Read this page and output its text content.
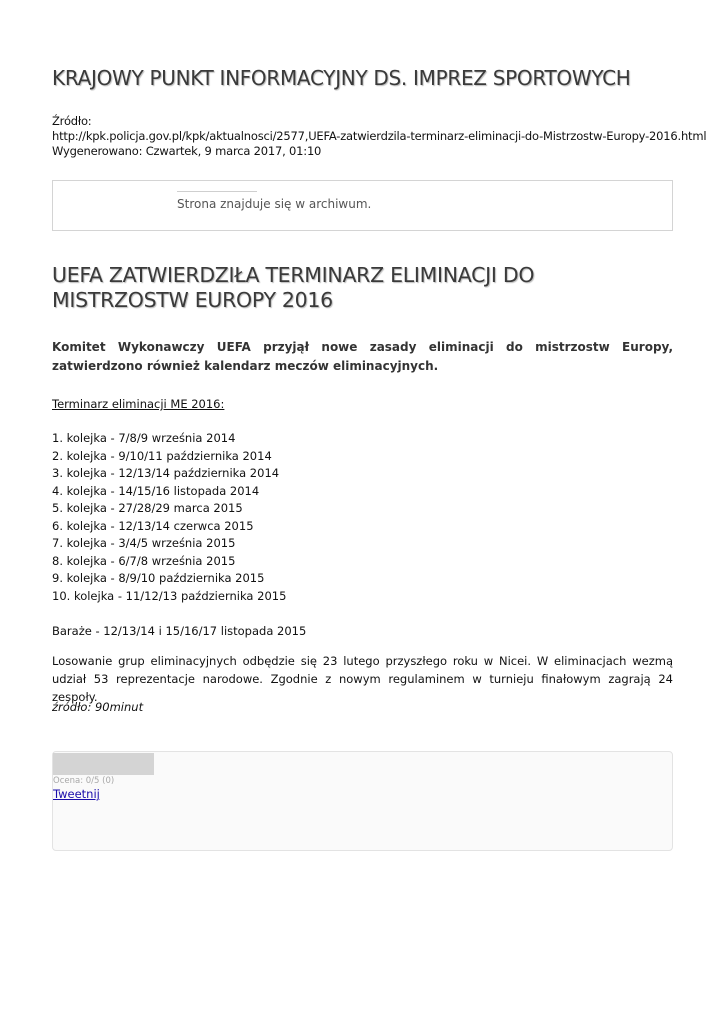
KRAJOWY PUNKT INFORMACYJNY DS. IMPREZ SPORTOWYCH
Źródło:
http://kpk.policja.gov.pl/kpk/aktualnosci/2577,UEFA-zatwierdzila-terminarz-eliminacji-do-Mistrzostw-Europy-2016.html
Wygenerowano: Czwartek, 9 marca 2017, 01:10
Strona znajduje się w archiwum.
UEFA ZATWIERDZIŁA TERMINARZ ELIMINACJI DO MISTRZOSTW EUROPY 2016

Komitet Wykonawczy UEFA przyjął nowe zasady eliminacji do mistrzostw Europy, zatwierdzono również kalendarz meczów eliminacyjnych.

Terminarz eliminacji ME 2016:
1. kolejka - 7/8/9 września 2014
2. kolejka - 9/10/11 października 2014
3. kolejka - 12/13/14 października 2014
4. kolejka - 14/15/16 listopada 2014
5. kolejka - 27/28/29 marca 2015
6. kolejka - 12/13/14 czerwca 2015
7. kolejka - 3/4/5 września 2015
8. kolejka - 6/7/8 września 2015
9. kolejka - 8/9/10 października 2015
10. kolejka - 11/12/13 października 2015
Baraże - 12/13/14 i 15/16/17 listopada 2015

Losowanie grup eliminacyjnych odbędzie się 23 lutego przyszłego roku w Nicei. W eliminacjach wezmą udział 53 reprezentacje narodowe. Zgodnie z nowym regulaminem w turnieju finałowym zagrają 24 zespoły.

źródło: 90minut
Ocena: 0/5 (0)
Tweetnij
